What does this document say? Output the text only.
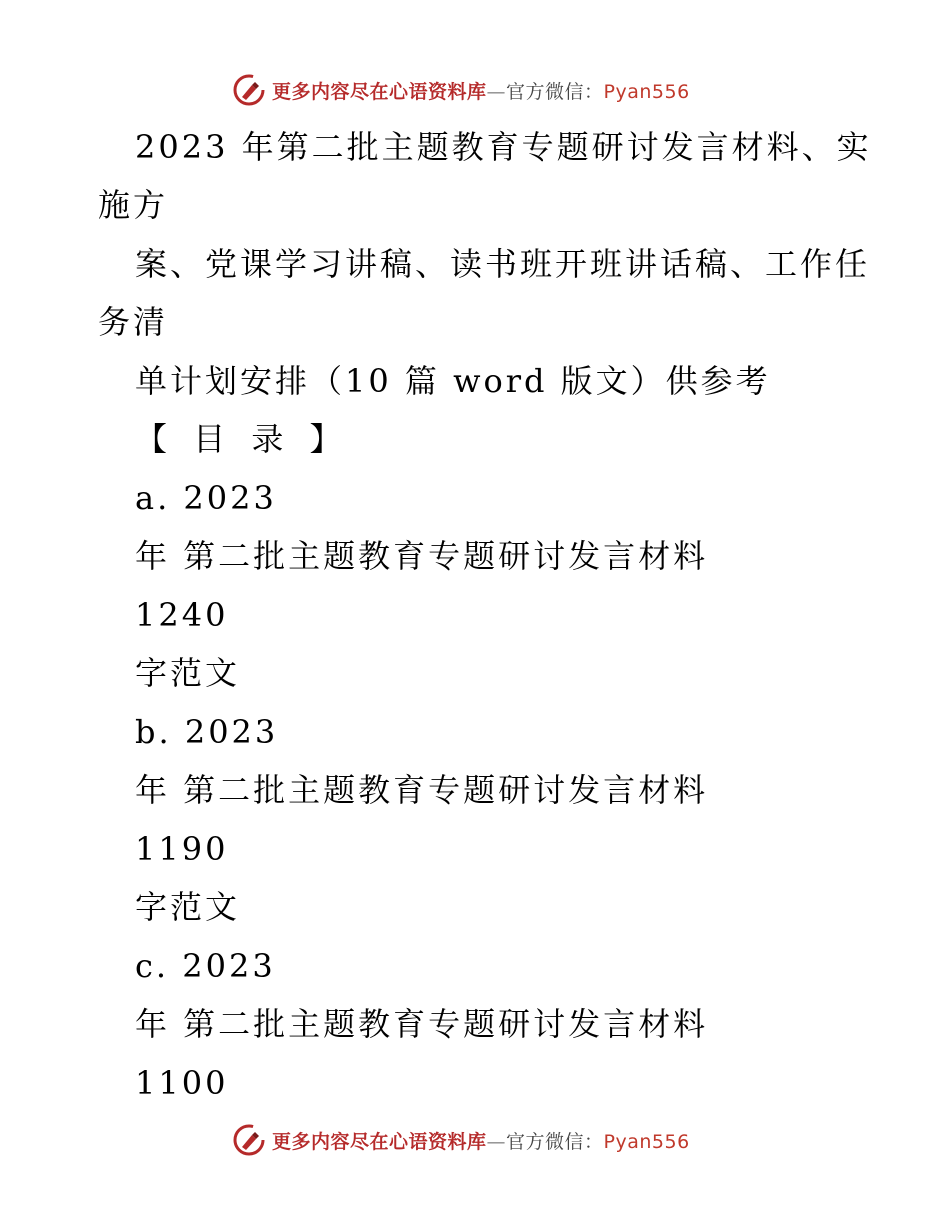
更多内容尽在心语资料库—官方微信：Pyan556
2023 年第二批主题教育专题研讨发言材料、实
施方
案、党课学习讲稿、读书班开班讲话稿、工作任
务清
单计划安排（10 篇 word 版文）供参考
【 目 录 】
a. 2023
年 第二批主题教育专题研讨发言材料
1240
字范文
b. 2023
年 第二批主题教育专题研讨发言材料
1190
字范文
c. 2023
年 第二批主题教育专题研讨发言材料
1100
更多内容尽在心语资料库—官方微信：Pyan556
